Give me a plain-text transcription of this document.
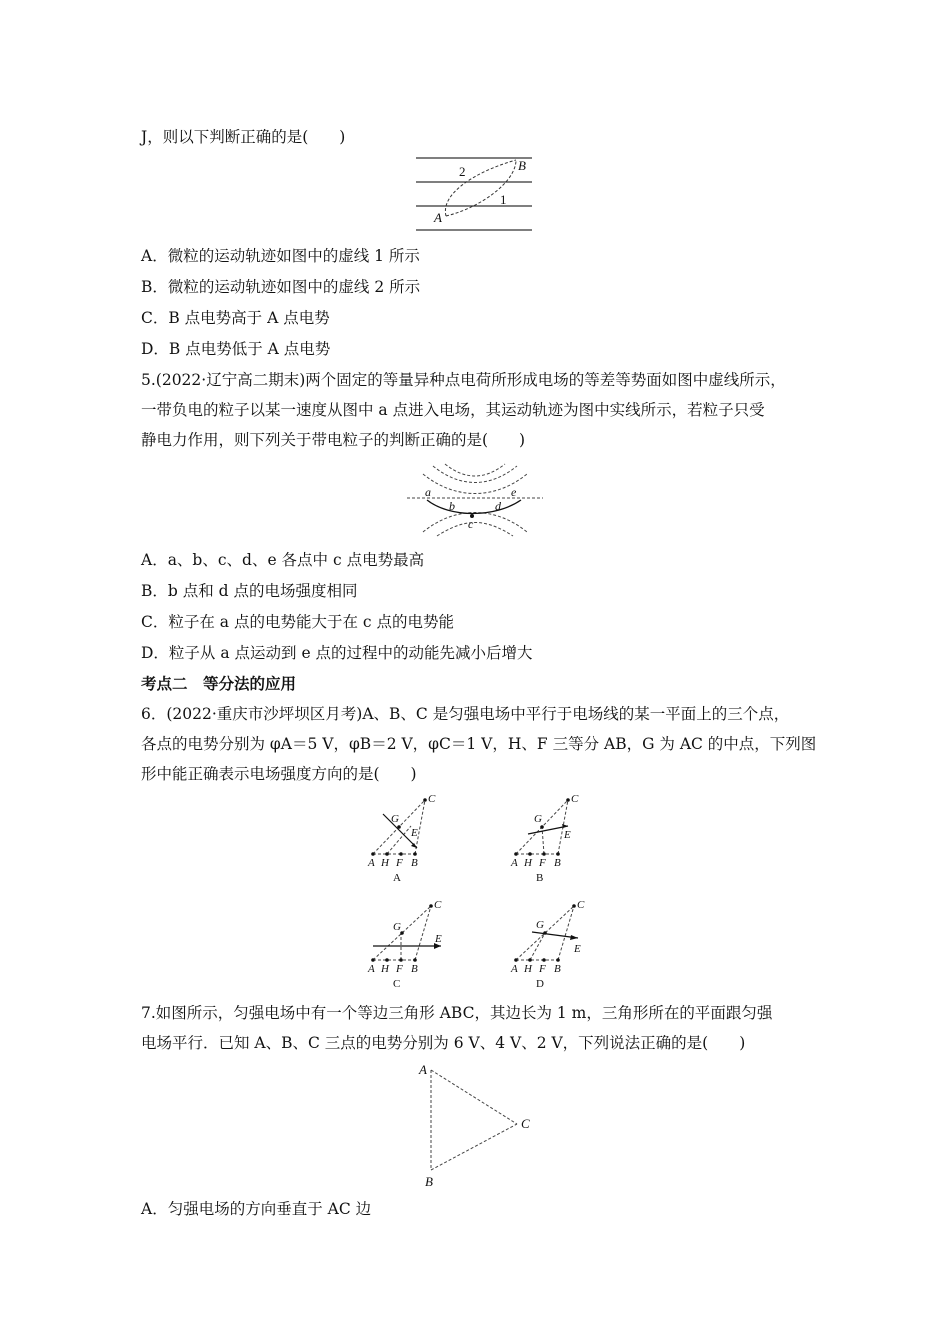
J，则以下判断正确的是(　　)
2
1
A
B
A．微粒的运动轨迹如图中的虚线 1 所示
B．微粒的运动轨迹如图中的虚线 2 所示
C．B 点电势高于 A 点电势
D．B 点电势低于 A 点电势
5.(2022·辽宁高二期末)两个固定的等量异种点电荷所形成电场的等差等势面如图中虚线所示，
一带负电的粒子以某一速度从图中 a 点进入电场，其运动轨迹为图中实线所示，若粒子只受
静电力作用，则下列关于带电粒子的判断正确的是(　　)
a
b
c
d
e
A．a、b、c、d、e 各点中 c 点电势最高
B．b 点和 d 点的电场强度相同
C．粒子在 a 点的电势能大于在 c 点的电势能
D．粒子从 a 点运动到 e 点的过程中的动能先减小后增大
考点二　等分法的应用
6．(2022·重庆市沙坪坝区月考)A、B、C 是匀强电场中平行于电场线的某一平面上的三个点，
各点的电势分别为 φA＝5 V，φB＝2 V，φC＝1 V，H、F 三等分 AB，G 为 AC 的中点，下列图
形中能正确表示电场强度方向的是(　　)
A H F B
C
G
E
A
A H F B
C
G
E
B
A H F B
C
G
E
C
A H F B
C
G
E
D
7.如图所示，匀强电场中有一个等边三角形 ABC，其边长为 1 m，三角形所在的平面跟匀强
电场平行．已知 A、B、C 三点的电势分别为 6 V、4 V、2 V，下列说法正确的是(　　)
A
B
C
A．匀强电场的方向垂直于 AC 边
